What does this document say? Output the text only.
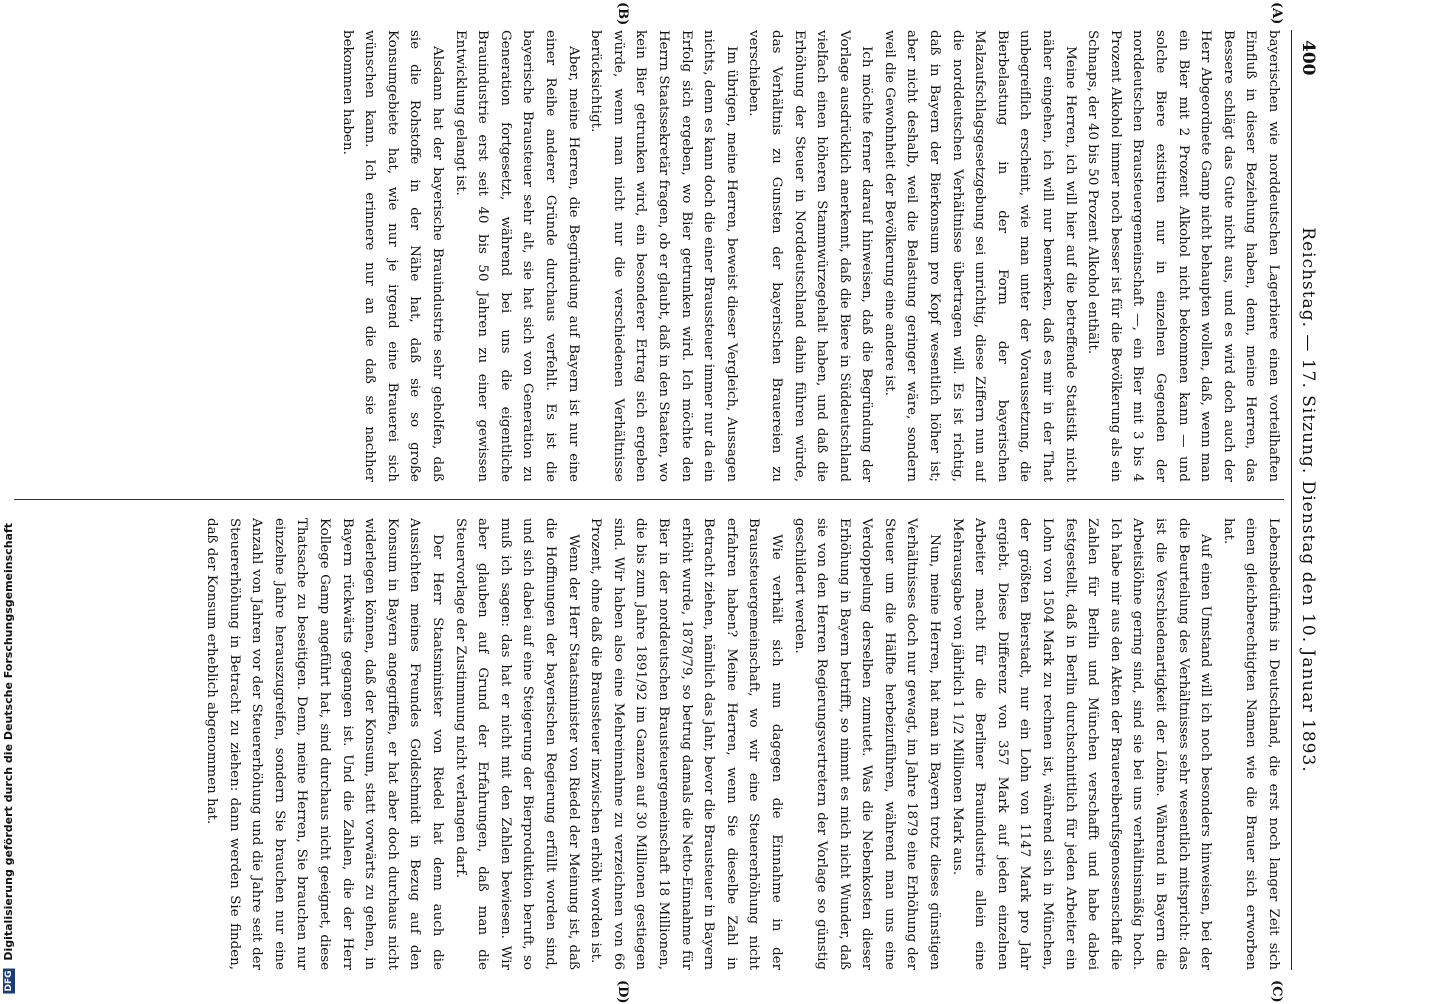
DFG Digitalisierung gefördert durch die Deutsche Forschungsgemeinschaft
400
Reichstag. — 17. Sitzung. Dienstag den 10. Januar 1893.
(A)
(B)
(C)
(D)

bayerischen wie norddeutschen Lagerbiere einen vorteilhaften Einfluß in dieser Beziehung haben, denn, meine Herren, das Bessere schlägt das Gute nicht aus, und es wird doch auch der Herr Abgeordnete Gamp nicht behaupten wollen, daß, wenn man ein Bier mit 2 Prozent Alkohol nicht bekommen kann — und solche Biere existiren nur in einzelnen Gegenden der norddeutschen Brausteuergemeinschaft —, ein Bier mit 3 bis 4 Prozent Alkohol immer noch besser ist für die Bevölkerung als ein Schnaps, der 40 bis 50 Prozent Alkohol enthält.

Meine Herren, ich will hier auf die betreffende Statistik nicht näher eingehen, ich will nur bemerken, daß es mir in der That unbegreiflich erscheint, wie man unter der Voraussetzung, die Bierbelastung in der Form der bayerischen Malzaufschlagsgesetzgebung sei unrichtig, diese Ziffern nun auf die norddeutschen Verhältnisse übertragen will. Es ist richtig, daß in Bayern der Bierkonsum pro Kopf wesentlich höher ist; aber nicht deshalb, weil die Belastung geringer wäre, sondern weil die Gewohnheit der Bevölkerung eine andere ist.

Ich möchte ferner darauf hinweisen, daß die Begründung der Vorlage ausdrücklich anerkennt, daß die Biere in Süddeutschland vielfach einen höheren Stammwürzegehalt haben, und daß die Erhöhung der Steuer in Norddeutschland dahin führen würde, das Verhältnis zu Gunsten der bayerischen Brauereien zu verschieben.

Im übrigen, meine Herren, beweist dieser Vergleich, Aussagen nichts, denn es kann doch die einer Braussteuer immer nur da ein Erfolg sich ergeben, wo Bier getrunken wird. Ich möchte den Herrn Staatssekretär fragen, ob er glaubt, daß in den Staaten, wo kein Bier getrunken wird, ein besonderer Ertrag sich ergeben würde, wenn man nicht nur die verschiedenen Verhältnisse berücksichtigt.

Aber, meine Herren, die Begründung auf Bayern ist nur eine einer Reihe anderer Gründe durchaus verfehlt. Es ist die bayerische Brausteuer sehr alt, sie hat sich von Generation zu Generation fortgesetzt, während bei uns die eigentliche Brauindustrie erst seit 40 bis 50 Jahren zu einer gewissen Entwicklung gelangt ist.

Alsdann hat der bayerische Brauindustrie sehr geholfen, daß sie die Rohstoffe in der Nähe hat, daß sie so große Konsumgebiete hat, wie nur je irgend eine Brauerei sich wünschen kann. Ich erinnere nur an die daß sie nachher bekommen haben.

Lebensbedürfnis in Deutschland, die erst noch langer Zeit sich einen gleichberechtigten Namen wie die Brauer sich erworben hat.

Auf einen Umstand will ich noch besonders hinweisen, bei der die Beurteilung des Verhältnisses sehr wesentlich mitspricht: das ist die Verschiedenartigkeit der Löhne. Während in Bayern die Arbeitslöhne gering sind, sind sie bei uns verhältnismäßig hoch. Ich habe mir aus den Akten der Brauereiberufsgenossenschaft die Zahlen für Berlin und München verschafft und habe dabei festgestellt, daß in Berlin durchschnittlich für jeden Arbeiter ein Lohn von 1504 Mark zu rechnen ist, während sich in München, der größten Bierstadt, nur ein Lohn von 1147 Mark pro Jahr ergiebt. Diese Differenz von 357 Mark auf jeden einzelnen Arbeiter macht für die Berliner Brauindustrie allein eine Mehrausgabe von jährlich 1 1/2 Millionen Mark aus.

Nun, meine Herren, hat man in Bayern trotz dieses günstigen Verhältnisses doch nur gewagt, im Jahre 1879 eine Erhöhung der Steuer um die Hälfte herbeizuführen, während man uns eine Verdoppelung derselben zumutet. Was die Nebenkosten dieser Erhöhung in Bayern betrifft, so nimmt es mich nicht Wunder, daß sie von den Herren Regierungsvertretern der Vorlage so günstig geschildert werden.

Wie verhält sich nun dagegen die Einnahme in der Braussteuergemeinschaft, wo wir eine Steuererhöhung nicht erfahren haben? Meine Herren, wenn Sie dieselbe Zahl in Betracht ziehen, nämlich das Jahr, bevor die Brausteuer in Bayern erhöht wurde, 1878/79, so betrug damals die Netto-Einnahme für Bier in der norddeutschen Brausteuergemeinschaft 18 Millionen, die bis zum Jahre 1891/92 im Ganzen auf 30 Millionen gestiegen sind. Wir haben also eine Mehreinnahme zu verzeichnen von 66 Prozent, ohne daß die Braussteuer inzwischen erhöht worden ist.

Wenn der Herr Staatsminister von Riedel der Meinung ist, daß die Hoffnungen der bayerischen Regierung erfüllt worden sind, und sich dabei auf eine Steigerung der Bierproduktion beruft, so muß ich sagen: das hat er nicht mit den Zahlen bewiesen. Wir aber glauben auf Grund der Erfahrungen, daß man die Steuervorlage der Zustimmung nicht verlangen darf.

Der Herr Staatsminister von Riedel hat denn auch die Aussichten meines Freundes Goldschmidt in Bezug auf den Konsum in Bayern angegriffen, er hat aber doch durchaus nicht widerlegen können, daß der Konsum, statt vorwärts zu gehen, in Bayern rückwärts gegangen ist. Und die Zahlen, die der Herr Kollege Gamp angeführt hat, sind durchaus nicht geeignet, diese Thatsache zu beseitigen. Denn, meine Herren, Sie brauchen nur einzelne Jahre herauszugreifen, sondern Sie brauchen nur eine Anzahl von Jahren vor der Steuererhöhung und die Jahre seit der Steuererhöhung in Betracht zu ziehen: dann werden Sie finden, daß der Konsum erheblich abgenommen hat.
